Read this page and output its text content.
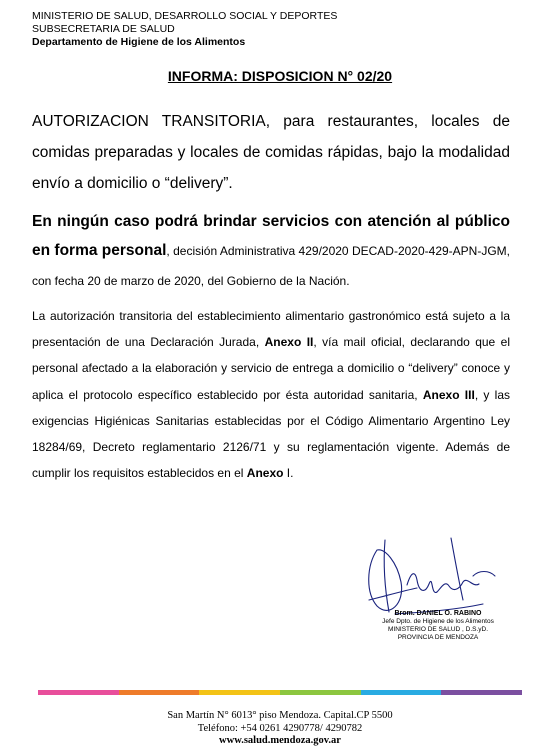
MINISTERIO DE SALUD, DESARROLLO SOCIAL Y DEPORTES
SUBSECRETARIA DE SALUD
Departamento de Higiene de los Alimentos
INFORMA: DISPOSICION N° 02/20
AUTORIZACION TRANSITORIA, para restaurantes, locales de comidas preparadas y locales de comidas rápidas, bajo la modalidad envío a domicilio o “delivery”.
En ningún caso podrá brindar servicios con atención al público en forma personal, decisión Administrativa 429/2020 DECAD-2020-429-APN-JGM, con fecha 20 de marzo de 2020, del Gobierno de la Nación.
La autorización transitoria del establecimiento alimentario gastronómico está sujeto a la presentación de una Declaración Jurada, Anexo II, vía mail oficial, declarando que el personal afectado a la elaboración y servicio de entrega a domicilio o “delivery” conoce y aplica el protocolo específico establecido por ésta autoridad sanitaria, Anexo III, y las exigencias Higiénicas Sanitarias establecidas por el Código Alimentario Argentino Ley 18284/69, Decreto reglamentario 2126/71 y su reglamentación vigente. Además de cumplir los requisitos establecidos en el Anexo I.
Brom. DANIEL O. RABINO
Jefe Dpto. de Higiene de los Alimentos
MINISTERIO DE SALUD , D.S.yD.
PROVINCIA DE MENDOZA
San Martín N° 6013° piso Mendoza. Capital.CP 5500
Teléfono: +54 0261 4290778/ 4290782
www.salud.mendoza.gov.ar
